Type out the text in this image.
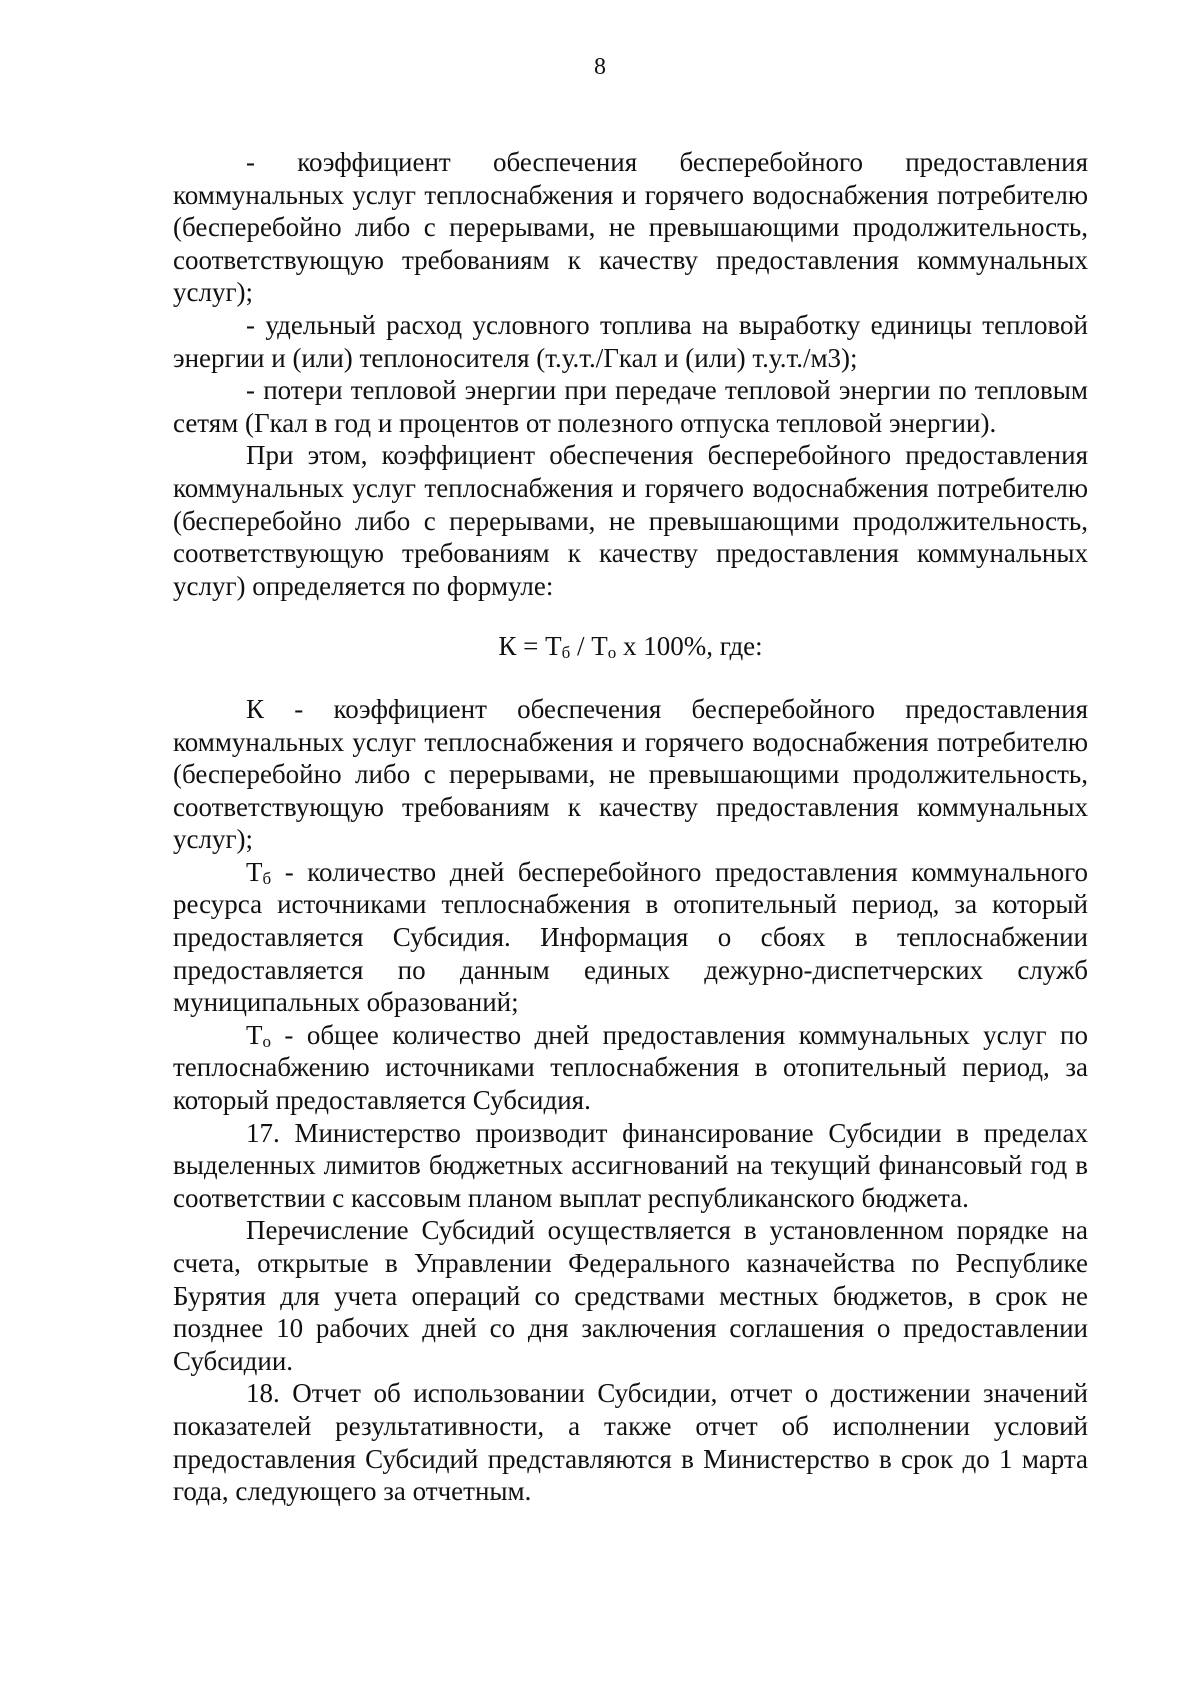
8

- коэффициент обеспечения бесперебойного предоставления коммунальных услуг теплоснабжения и горячего водоснабжения потребителю (бесперебойно либо с перерывами, не превышающими продолжительность, соответствующую требованиям к качеству предоставления коммунальных услуг);

- удельный расход условного топлива на выработку единицы тепловой энергии и (или) теплоносителя (т.у.т./Гкал и (или) т.у.т./м3);

- потери тепловой энергии при передаче тепловой энергии по тепловым сетям (Гкал в год и процентов от полезного отпуска тепловой энергии).

При этом, коэффициент обеспечения бесперебойного предоставления коммунальных услуг теплоснабжения и горячего водоснабжения потребителю (бесперебойно либо с перерывами, не превышающими продолжительность, соответствующую требованиям к качеству предоставления коммунальных услуг) определяется по формуле:

$К = Т_б / Т_о$ х 100%, где:

К - коэффициент обеспечения бесперебойного предоставления коммунальных услуг теплоснабжения и горячего водоснабжения потребителю (бесперебойно либо с перерывами, не превышающими продолжительность, соответствующую требованиям к качеству предоставления коммунальных услуг);

$Т_б$ - количество дней бесперебойного предоставления коммунального ресурса источниками теплоснабжения в отопительный период, за который предоставляется Субсидия. Информация о сбоях в теплоснабжении предоставляется по данным единых дежурно-диспетчерских служб муниципальных образований;

$Т_о$ - общее количество дней предоставления коммунальных услуг по теплоснабжению источниками теплоснабжения в отопительный период, за который предоставляется Субсидия.

17. Министерство производит финансирование Субсидии в пределах выделенных лимитов бюджетных ассигнований на текущий финансовый год в соответствии с кассовым планом выплат республиканского бюджета.

Перечисление Субсидий осуществляется в установленном порядке на счета, открытые в Управлении Федерального казначейства по Республике Бурятия для учета операций со средствами местных бюджетов, в срок не позднее 10 рабочих дней со дня заключения соглашения о предоставлении Субсидии.

18. Отчет об использовании Субсидии, отчет о достижении значений показателей результативности, а также отчет об исполнении условий предоставления Субсидий представляются в Министерство в срок до 1 марта года, следующего за отчетным.
